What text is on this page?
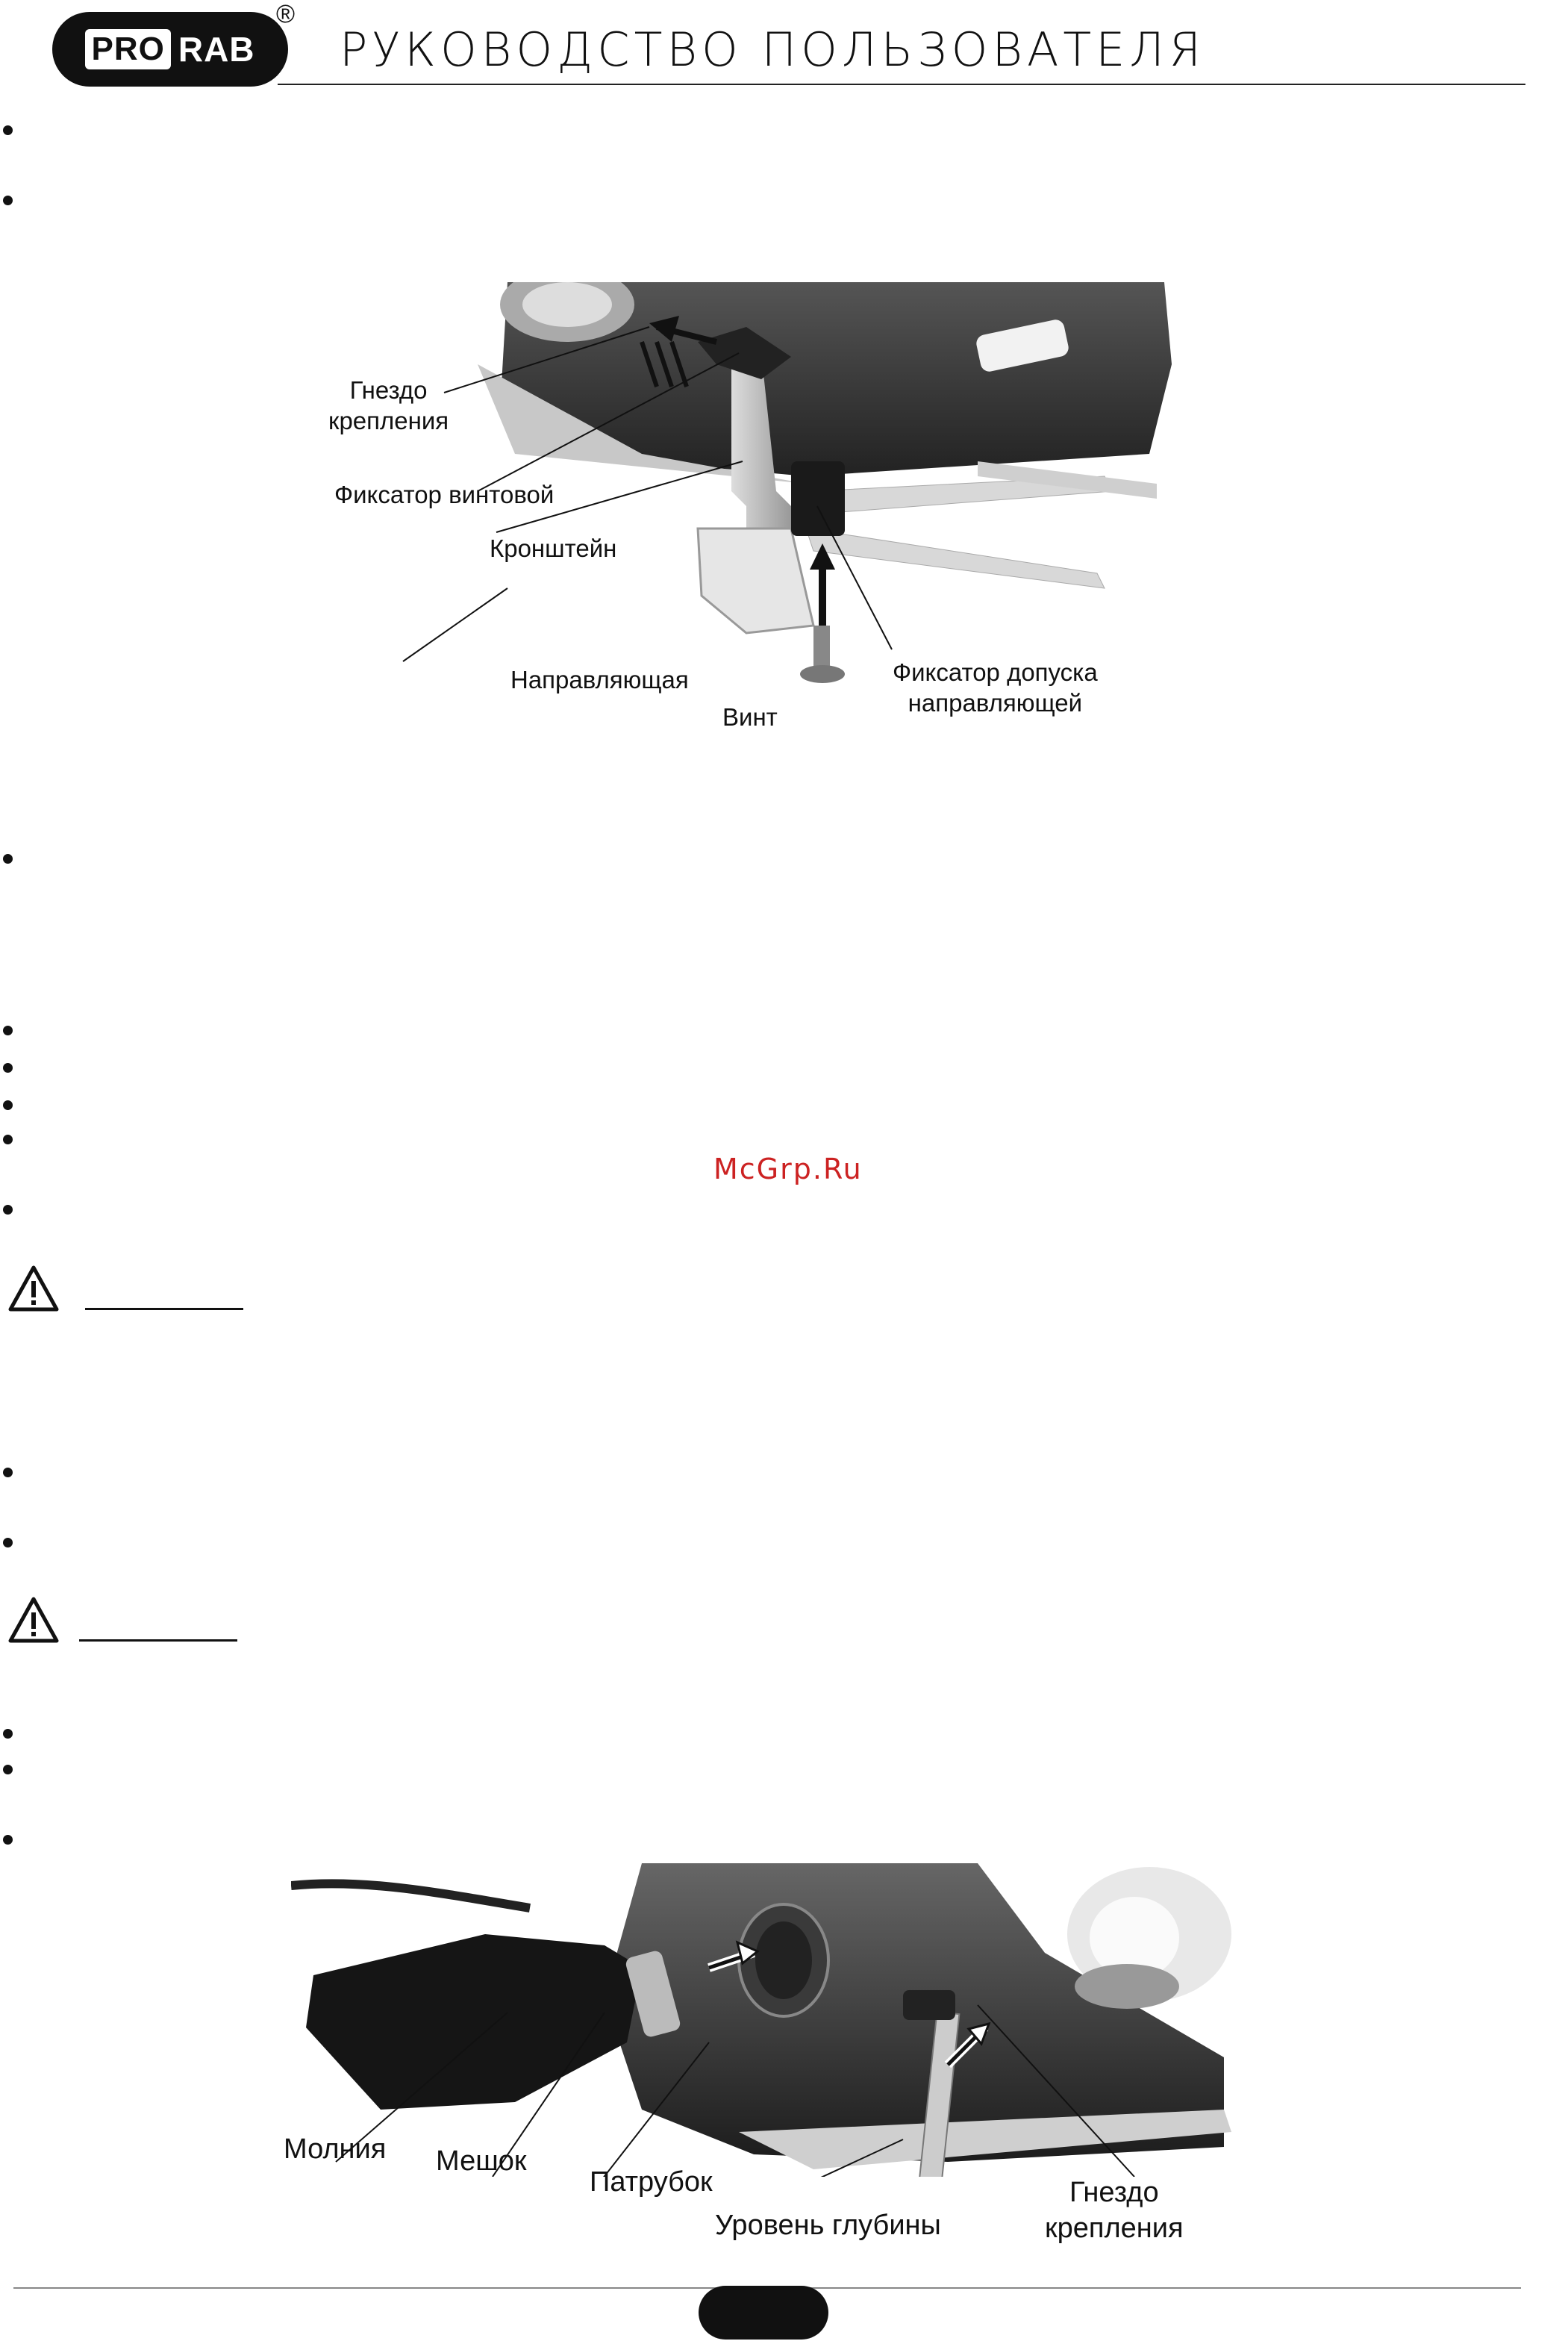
PRO RAB
®
РУКОВОДСТВО ПОЛЬЗОВАТЕЛЯ
Гнездо
крепления
Фиксатор винтовой
Кронштейн
Направляющая
Винт
Фиксатор допуска
направляющей
McGrp.Ru
Молния Мешок
Патрубок
Уровень глубины
Гнездо
крепления
